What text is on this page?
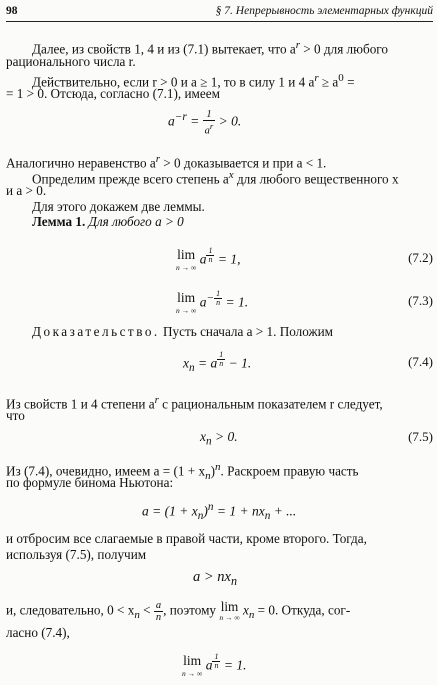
98	§ 7. Непрерывность элементарных функций
Далее, из свойств 1, 4 и из (7.1) вытекает, что $a^r > 0$ для любого
рационального числа r.
Действительно, если r > 0 и a ≥ 1, то в силу 1 и 4 $a^r \ge a^0$ =
= 1 > 0. Отсюда, согласно (7.1), имеем
$a^{-r} = \frac{1}{a^r} > 0$.
Аналогично неравенство $a^r > 0$ доказывается и при a < 1.
Определим прежде всего степень $a^x$ для любого вещественного x
и a > 0.
Для этого докажем две леммы.
Лемма 1. Для любого a > 0
lim
n → ∞
a $^{\frac{1}{n}}$ = 1,	(7.2)
lim
n → ∞
$a^{- \frac{1}{n}} = 1$.	(7.3)
Доказательство. Пусть сначала a > 1. Положим
$x_n = a$ $^{\frac{1}{n}}$ − 1.	(7.4)
Из свойств 1 и 4 степени $a^r$ с рациональным показателем r следует,
что
$x_n > 0$.	(7.5)
Из (7.4), очевидно, имеем $a = (1 + x_n)^n$. Раскроем правую часть
по формуле бинома Ньютона:
$a = (1 + x_n)^n = 1 + nx_n$ + ...
и отбросим все слагаемые в правой части, кроме второго. Тогда,
используя (7.5), получим
$a > nx_n$
и, следовательно, $0 < x_n < \frac{a}{n}$ , поэтому lim
n → ∞ $x_n = 0$. Откуда, сог-
ласно (7.4),
lim
n → ∞
a $^{\frac{1}{n}}$ = 1.
